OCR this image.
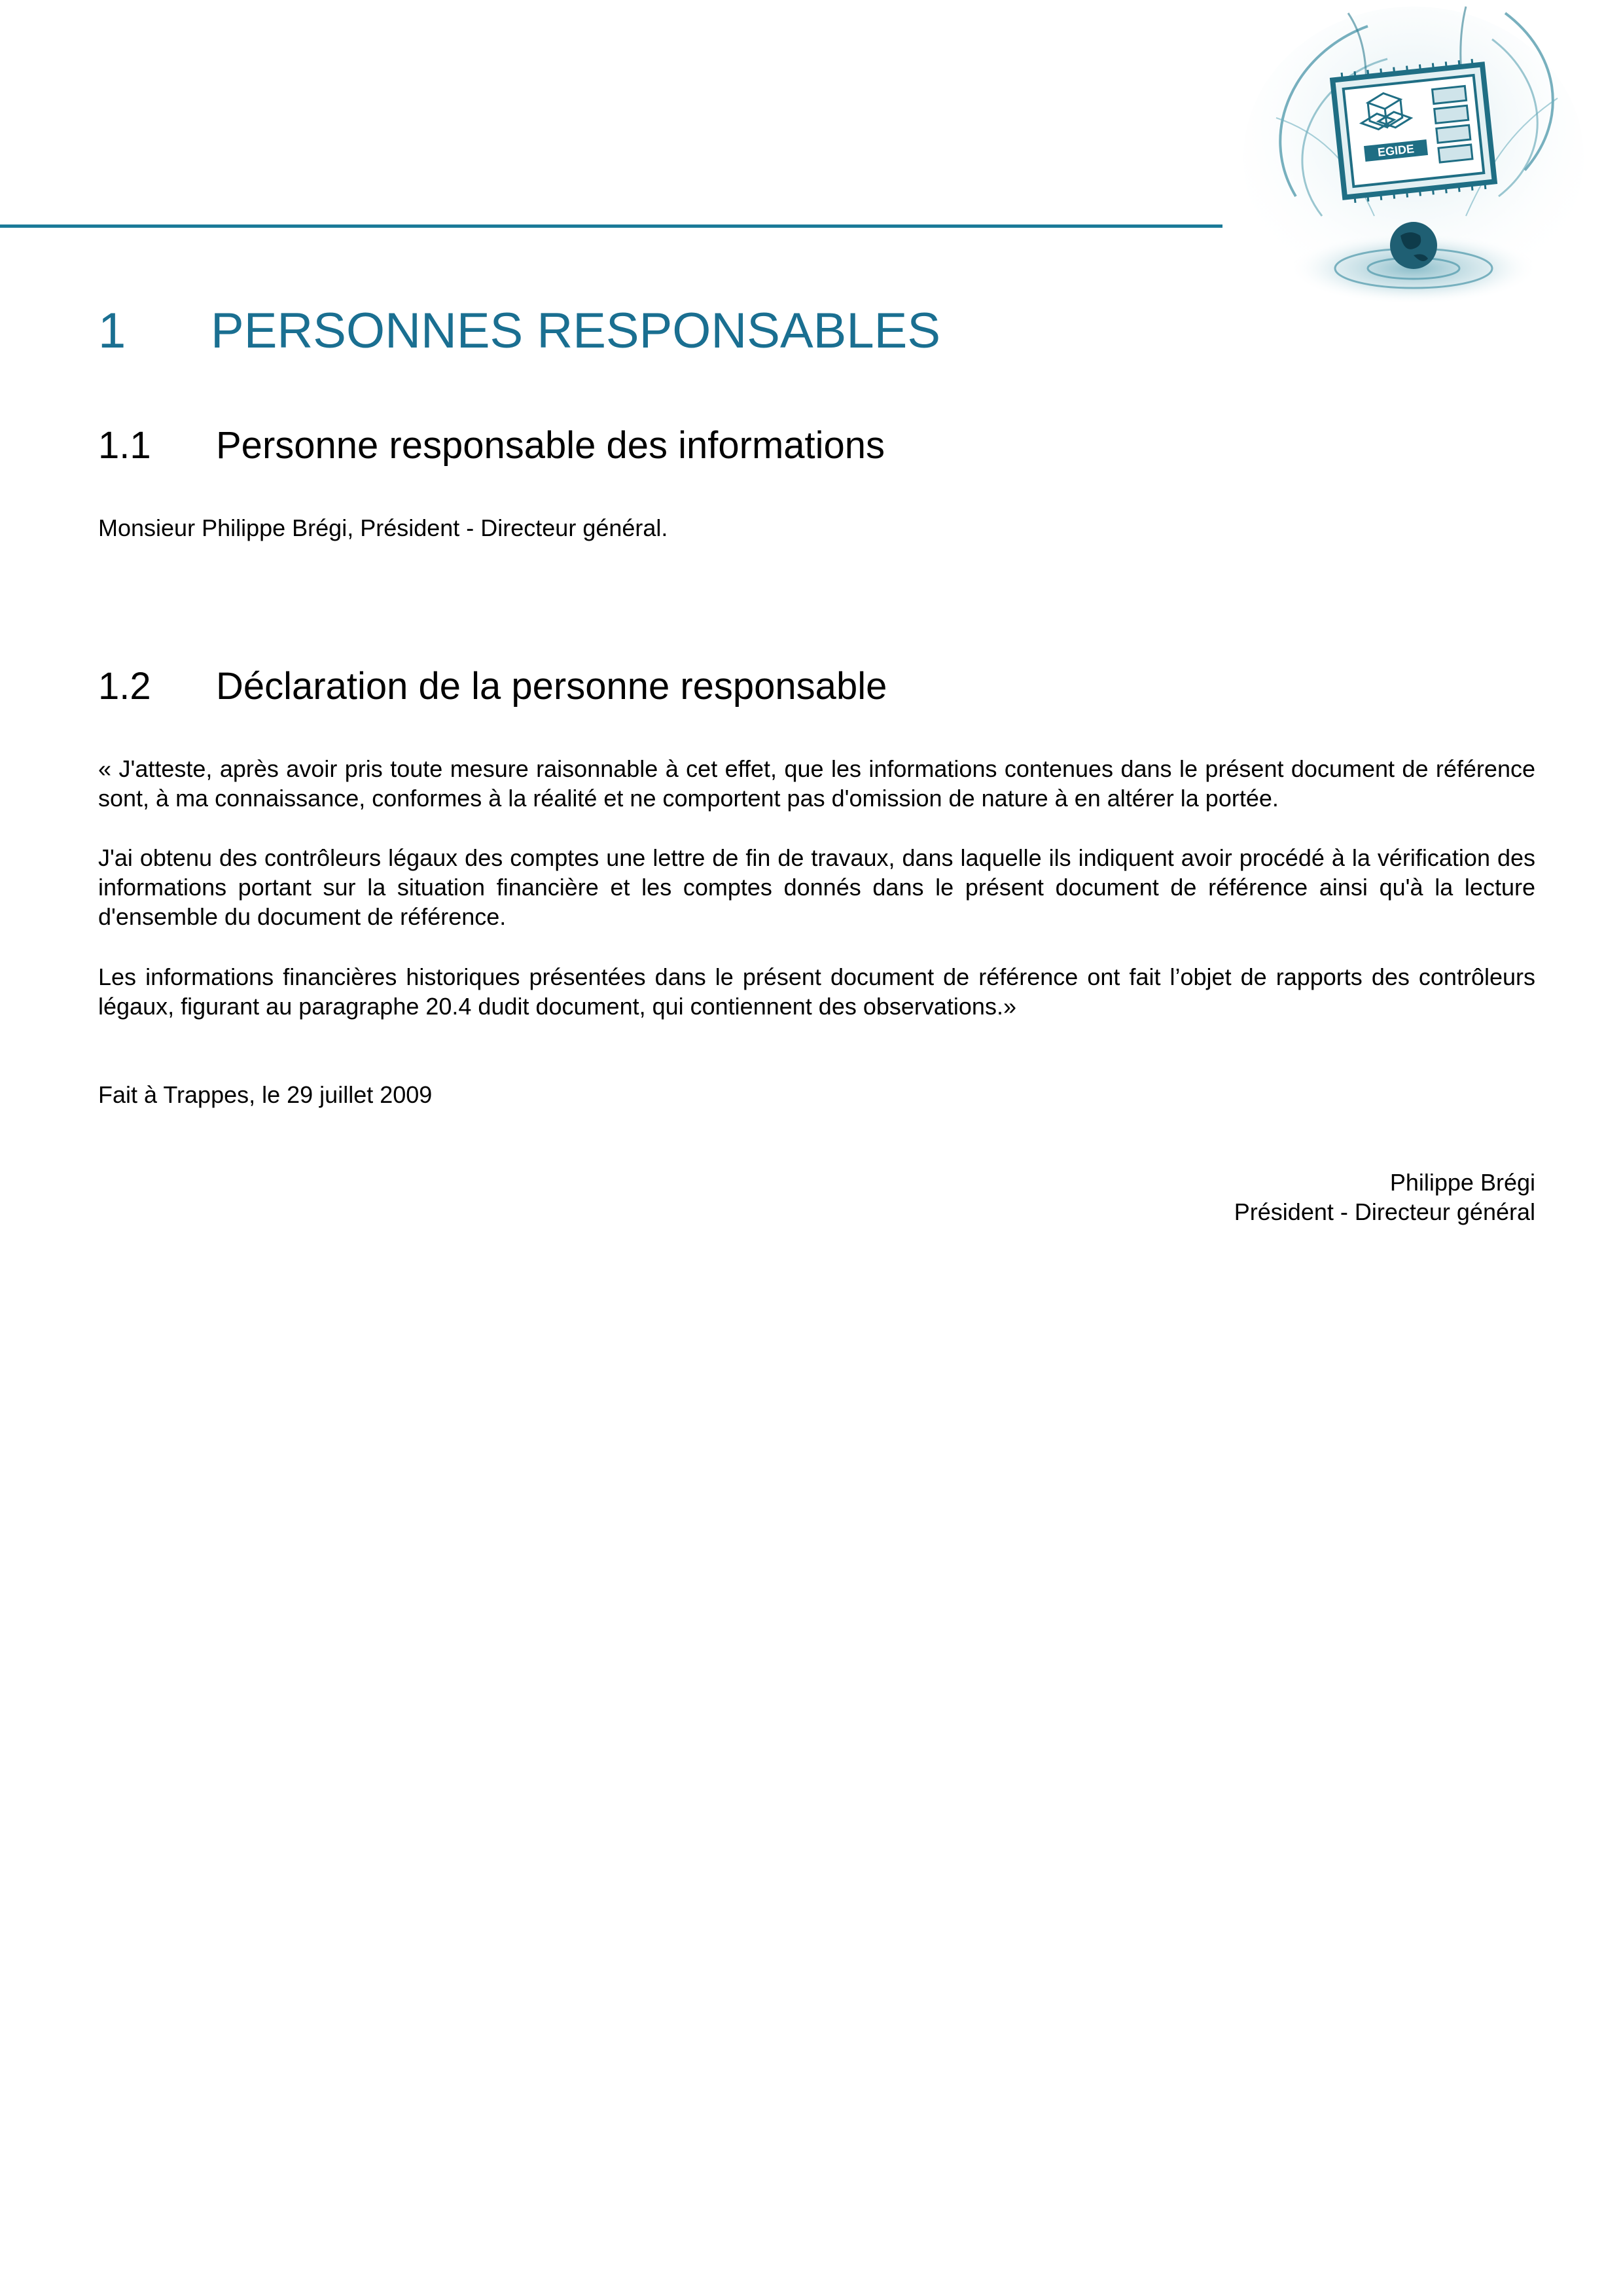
EGIDE
1 PERSONNES RESPONSABLES
1.1 Personne responsable des informations

Monsieur Philippe Brégi, Président - Directeur général.

1.2 Déclaration de la personne responsable

« J'atteste, après avoir pris toute mesure raisonnable à cet effet, que les informations contenues dans le présent document de référence sont, à ma connaissance, conformes à la réalité et ne comportent pas d'omission de nature à en altérer la portée.

J'ai obtenu des contrôleurs légaux des comptes une lettre de fin de travaux, dans laquelle ils indiquent avoir procédé à la vérification des informations portant sur la situation financière et les comptes donnés dans le présent document de référence ainsi qu'à la lecture d'ensemble du document de référence.

Les informations financières historiques présentées dans le présent document de référence ont fait l’objet de rapports des contrôleurs légaux, figurant au paragraphe 20.4 dudit document, qui contiennent des observations.»

Fait à Trappes, le 29 juillet 2009

Philippe Brégi
Président - Directeur général
